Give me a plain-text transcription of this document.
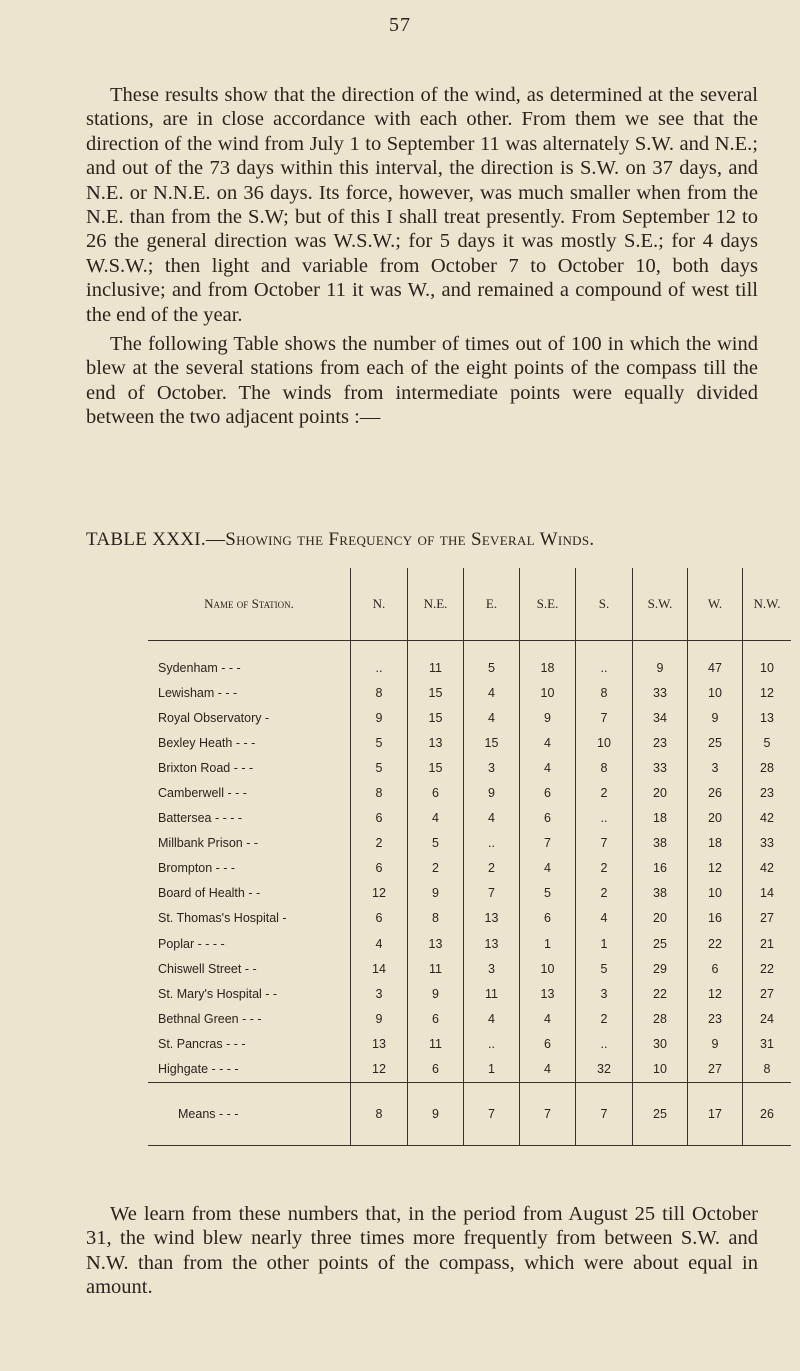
57

These results show that the direction of the wind, as determined at the several stations, are in close accordance with each other. From them we see that the direction of the wind from July 1 to September 11 was alternately S.W. and N.E.; and out of the 73 days within this interval, the direction is S.W. on 37 days, and N.E. or N.N.E. on 36 days. Its force, however, was much smaller when from the N.E. than from the S.W; but of this I shall treat presently. From September 12 to 26 the general direction was W.S.W.; for 5 days it was mostly S.E.; for 4 days W.S.W.; then light and variable from October 7 to October 10, both days inclusive; and from October 11 it was W., and remained a compound of west till the end of the year.

The following Table shows the number of times out of 100 in which the wind blew at the several stations from each of the eight points of the compass till the end of October. The winds from intermediate points were equally divided between the two adjacent points :—

TABLE XXXI.—Showing the Frequency of the Several Winds.
Name of Station.	N.	N.E.	E.	S.E.	S.	S.W.	W.	N.W.
Sydenham - - -	..	11	5	18	..	9	47	10
Lewisham - - -	8	15	4	10	8	33	10	12
Royal Observatory -	9	15	4	9	7	34	9	13
Bexley Heath - - -	5	13	15	4	10	23	25	5
Brixton Road - - -	5	15	3	4	8	33	3	28
Camberwell - - -	8	6	9	6	2	20	26	23
Battersea - - - -	6	4	4	6	..	18	20	42
Millbank Prison - -	2	5	..	7	7	38	18	33
Brompton - - -	6	2	2	4	2	16	12	42
Board of Health - -	12	9	7	5	2	38	10	14
St. Thomas's Hospital -	6	8	13	6	4	20	16	27
Poplar - - - -	4	13	13	1	1	25	22	21
Chiswell Street - -	14	11	3	10	5	29	6	22
St. Mary's Hospital - -	3	9	11	13	3	22	12	27
Bethnal Green - - -	9	6	4	4	2	28	23	24
St. Pancras - - -	13	11	..	6	..	30	9	31
Highgate - - - -	12	6	1	4	32	10	27	8
Means - - -	8	9	7	7	7	25	17	26

We learn from these numbers that, in the period from August 25 till October 31, the wind blew nearly three times more frequently from between S.W. and N.W. than from the other points of the compass, which were about equal in amount.
